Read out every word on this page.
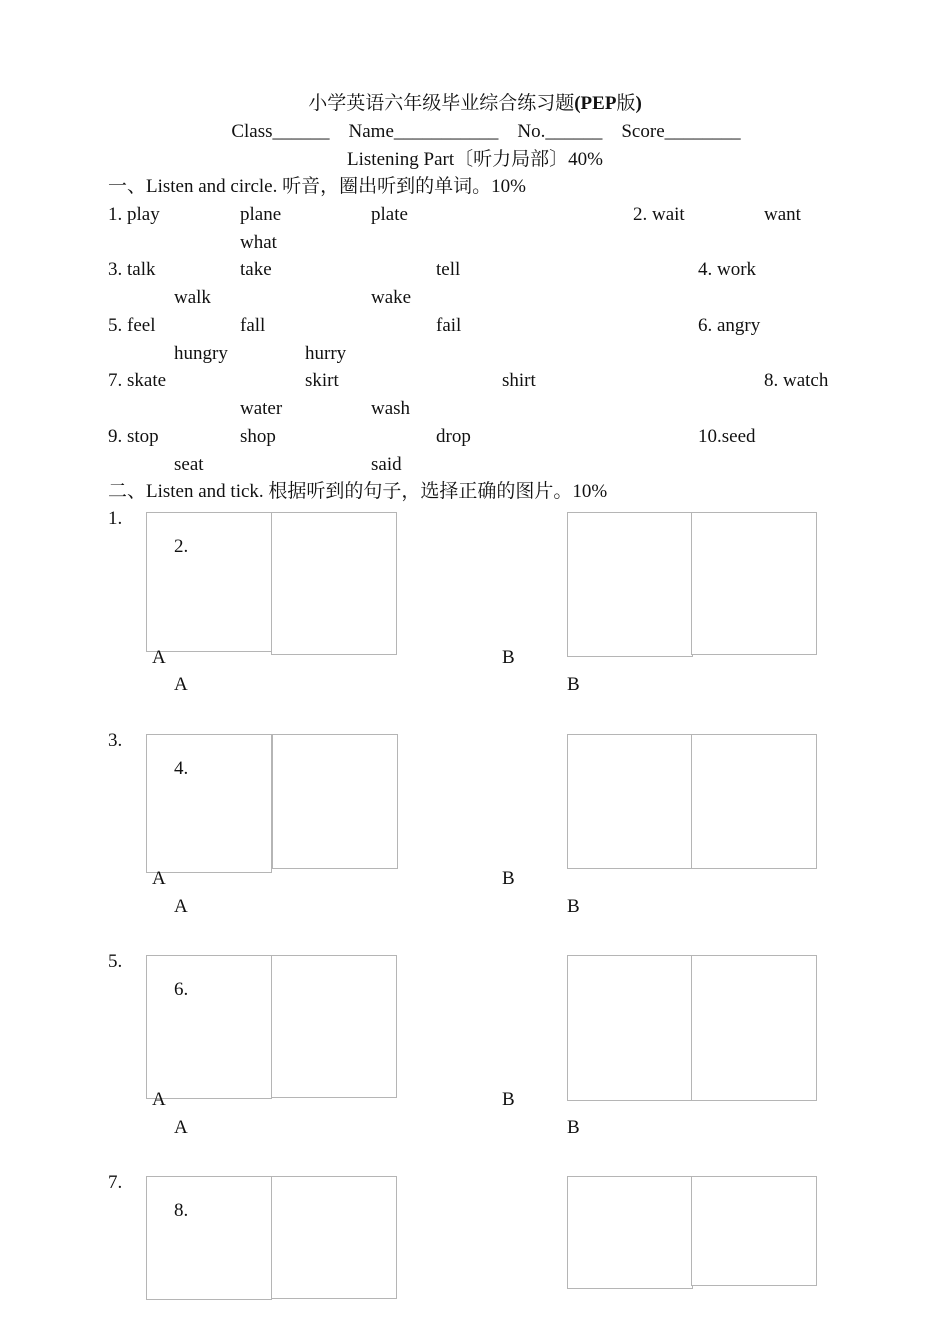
小学英语六年级毕业综合练习题(PEP版)
Class______    Name___________    No.______    Score________
Listening Part〔听力局部〕40%
一、Listen and circle. 听音，圈出听到的单词。10%
1. play	plane	plate	2. wait	want
what
3. talk	take	tell	4. work
walk	wake
5. feel	fall	fail	6. angry
hungry	hurry
7. skate	skirt	shirt	8. watch
water	wash
9. stop	shop	drop	10.seed
seat	said
二、Listen and tick. 根据听到的句子，选择正确的图片。10%
1.
2.
A	B
A	B
3.
4.
A	B
A	B
5.
6.
A	B
A	B
7.
8.
